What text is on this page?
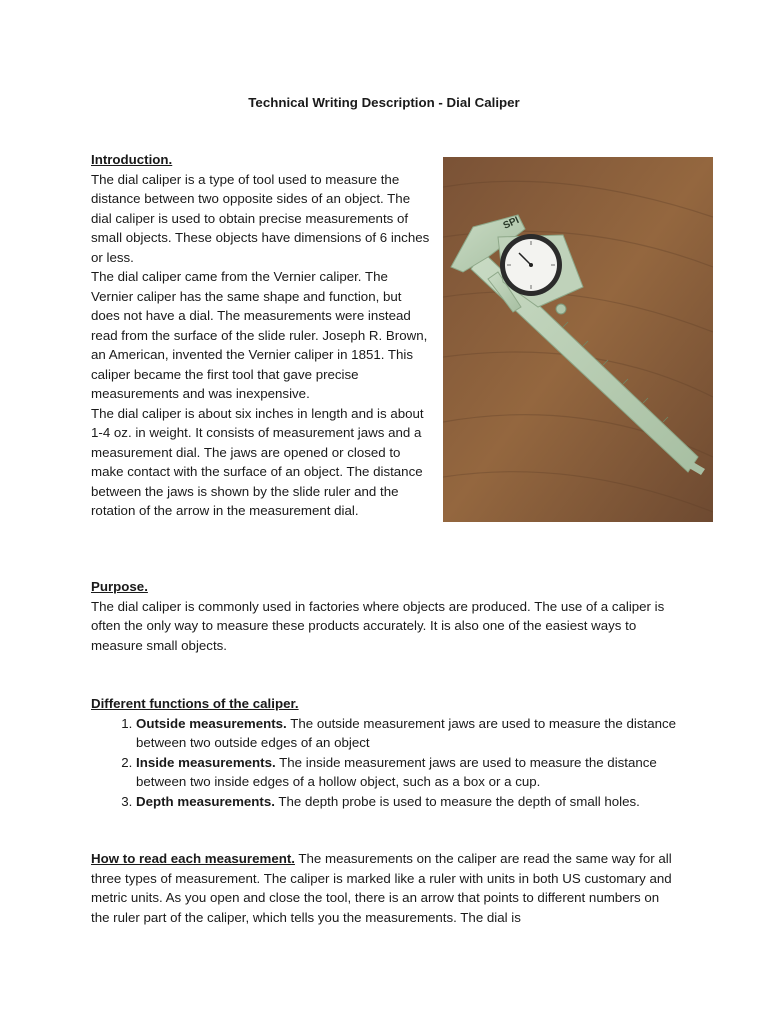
Technical Writing Description - Dial Caliper
Introduction.

The dial caliper is a type of tool used to measure the distance between two opposite sides of an object. The dial caliper is used to obtain precise measurements of small objects. These objects have dimensions of 6 inches or less.

The dial caliper came from the Vernier caliper. The Vernier caliper has the same shape and function, but does not have a dial. The measurements were instead read from the surface of the slide ruler. Joseph R. Brown, an American, invented the Vernier caliper in 1851. This caliper became the first tool that gave precise measurements and was inexpensive.

The dial caliper is about six inches in length and is about 1-4 oz. in weight. It consists of measurement jaws and a measurement dial. The jaws are opened or closed to make contact with the surface of an object. The distance between the jaws is shown by the slide ruler and the rotation of the arrow in the measurement dial.

SPI
Purpose.

The dial caliper is commonly used in factories where objects are produced. The use of a caliper is often the only way to measure these products accurately. It is also one of the easiest ways to measure small objects.

Different functions of the caliper.
1. Outside measurements. The outside measurement jaws are used to measure the distance between two outside edges of an object
2. Inside measurements. The inside measurement jaws are used to measure the distance between two inside edges of a hollow object, such as a box or a cup.
3. Depth measurements. The depth probe is used to measure the depth of small holes.

How to read each measurement. The measurements on the caliper are read the same way for all three types of measurement. The caliper is marked like a ruler with units in both US customary and metric units. As you open and close the tool, there is an arrow that points to different numbers on the ruler part of the caliper, which tells you the measurements. The dial is
